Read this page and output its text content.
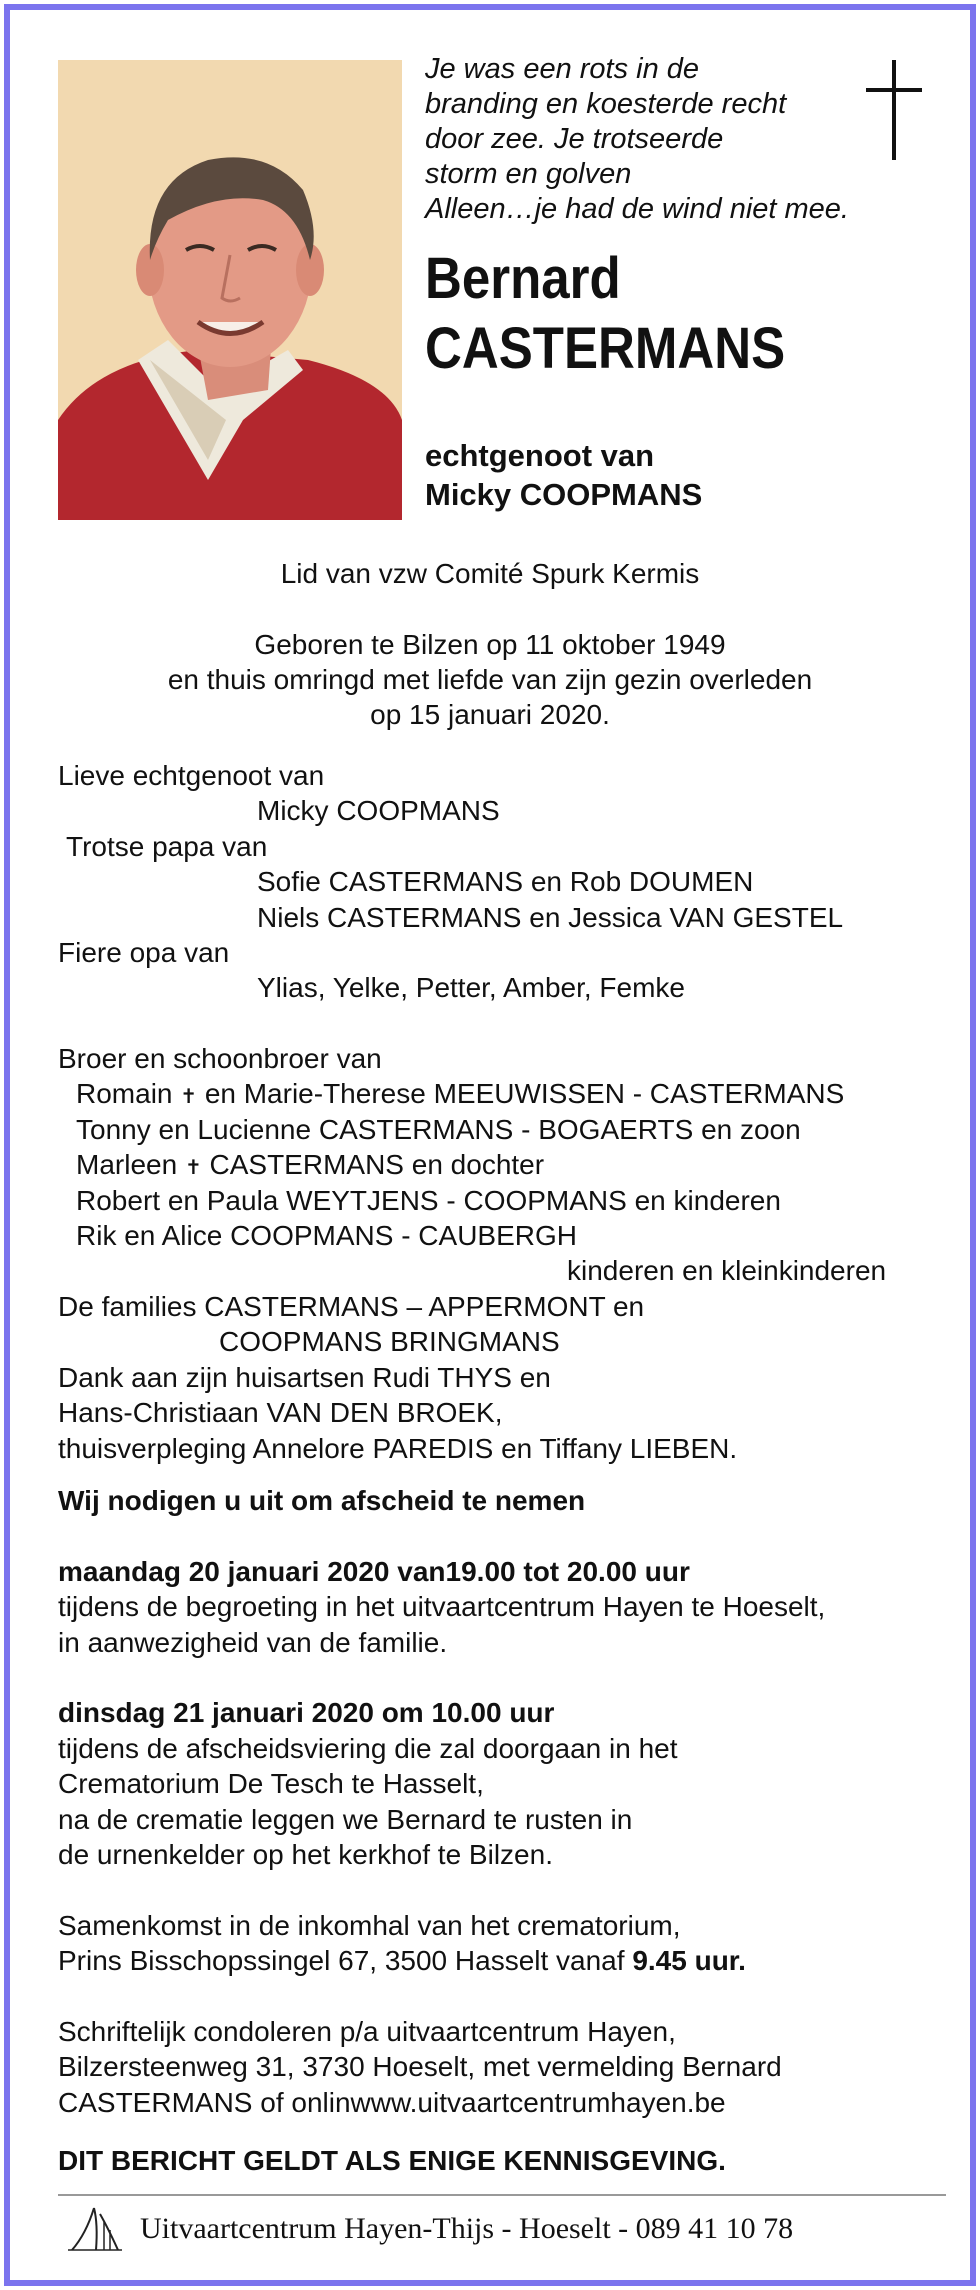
Je was een rots in de
branding en koesterde recht
door zee. Je trotseerde
storm en golven
Alleen…je had de wind niet mee.
Bernard
CASTERMANS
echtgenoot van
Micky COOPMANS
Lid van vzw Comité Spurk Kermis
Geboren te Bilzen op 11 oktober 1949
en thuis omringd met liefde van zijn gezin overleden
op 15 januari 2020.
Lieve echtgenoot van
Micky COOPMANS
Trotse papa van
Sofie CASTERMANS en Rob DOUMEN
Niels CASTERMANS en Jessica VAN GESTEL
Fiere opa van
Ylias, Yelke, Petter, Amber, Femke
Broer en schoonbroer van
Romain ✝ en Marie-Therese MEEUWISSEN - CASTERMANS
Tonny en Lucienne CASTERMANS - BOGAERTS en zoon
Marleen ✝ CASTERMANS en dochter
Robert en Paula WEYTJENS - COOPMANS en kinderen
Rik en Alice COOPMANS - CAUBERGH
kinderen en kleinkinderen
De families CASTERMANS – APPERMONT en
COOPMANS BRINGMANS
Dank aan zijn huisartsen Rudi THYS en
Hans-Christiaan VAN DEN BROEK,
thuisverpleging Annelore PAREDIS en Tiffany LIEBEN.
Wij nodigen u uit om afscheid te nemen
maandag 20 januari 2020 van19.00 tot 20.00 uur
tijdens de begroeting in het uitvaartcentrum Hayen te Hoeselt,
in aanwezigheid van de familie.
dinsdag 21 januari 2020 om 10.00 uur
tijdens de afscheidsviering die zal doorgaan in het
Crematorium De Tesch te Hasselt,
na de crematie leggen we Bernard te rusten in
de urnenkelder op het kerkhof te Bilzen.
Samenkomst in de inkomhal van het crematorium,
Prins Bisschopssingel 67, 3500 Hasselt vanaf 9.45 uur.
Schriftelijk condoleren p/a uitvaartcentrum Hayen,
Bilzersteenweg 31, 3730 Hoeselt, met vermelding Bernard
CASTERMANS of onlinwww.uitvaartcentrumhayen.be
DIT BERICHT GELDT ALS ENIGE KENNISGEVING.
Uitvaartcentrum Hayen-Thijs - Hoeselt - 089 41 10 78
